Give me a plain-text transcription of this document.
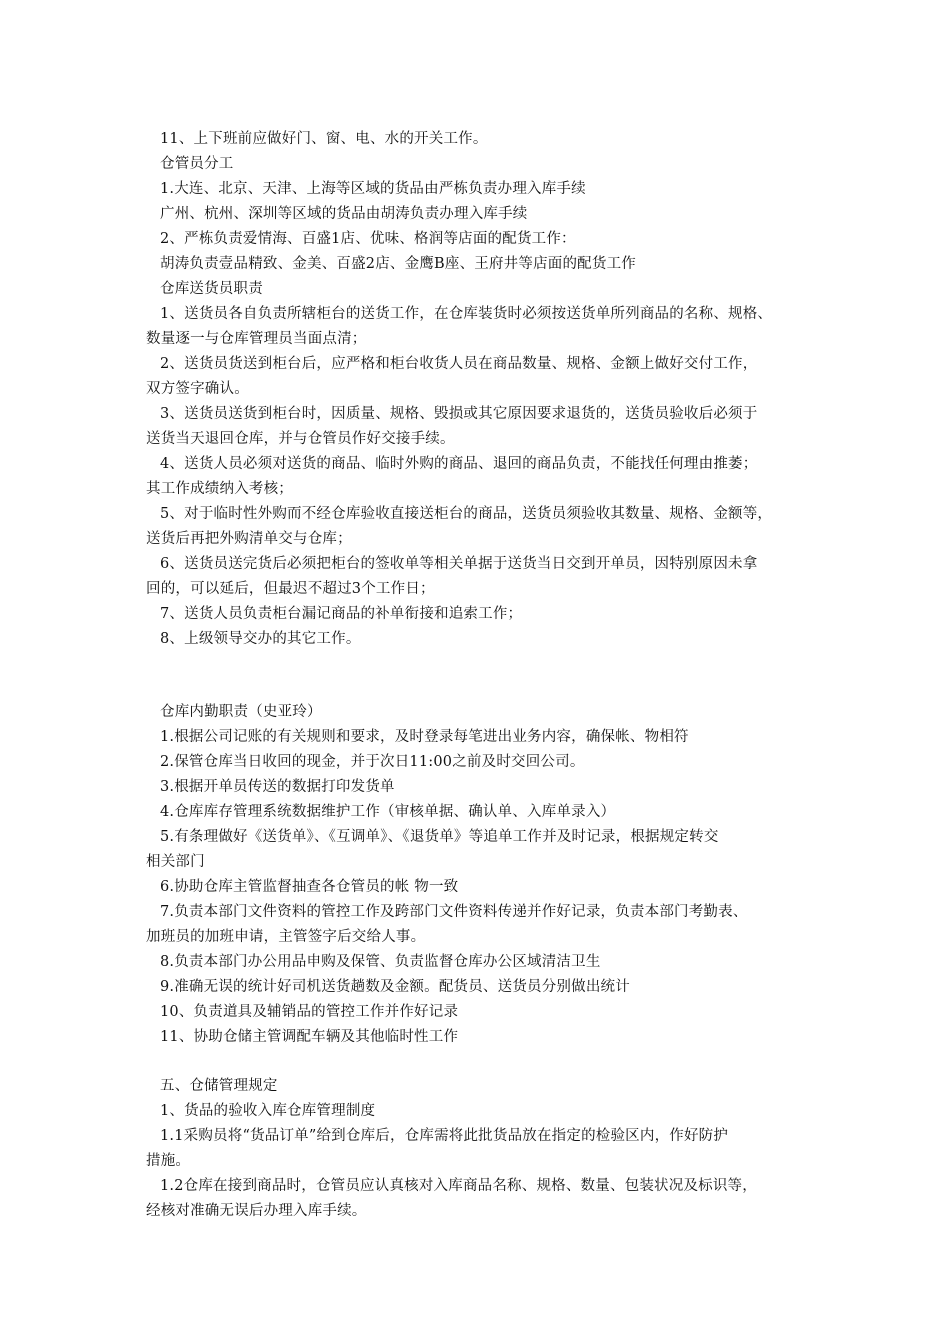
11、上下班前应做好门、窗、电、水的开关工作。
仓管员分工
1.大连、北京、天津、上海等区域的货品由严栋负责办理入库手续
广州、杭州、深圳等区域的货品由胡涛负责办理入库手续
2、严栋负责爱情海、百盛1店、优味、格润等店面的配货工作：
胡涛负责壹品精致、金美、百盛2店、金鹰B座、王府井等店面的配货工作
仓库送货员职责
1、送货员各自负责所辖柜台的送货工作，在仓库装货时必须按送货单所列商品的名称、规格、
数量逐一与仓库管理员当面点清；
2、送货员货送到柜台后，应严格和柜台收货人员在商品数量、规格、金额上做好交付工作，
双方签字确认。
3、送货员送货到柜台时，因质量、规格、毁损或其它原因要求退货的，送货员验收后必须于
送货当天退回仓库，并与仓管员作好交接手续。
4、送货人员必须对送货的商品、临时外购的商品、退回的商品负责，不能找任何理由推萎；
其工作成绩纳入考核；
5、对于临时性外购而不经仓库验收直接送柜台的商品，送货员须验收其数量、规格、金额等，
送货后再把外购清单交与仓库；
6、送货员送完货后必须把柜台的签收单等相关单据于送货当日交到开单员，因特别原因未拿
回的，可以延后，但最迟不超过3个工作日；
7、送货人员负责柜台漏记商品的补单衔接和追索工作；
8、上级领导交办的其它工作。
仓库内勤职责（史亚玲）
1.根据公司记账的有关规则和要求，及时登录每笔进出业务内容，确保帐、物相符
2.保管仓库当日收回的现金，并于次日11:00之前及时交回公司。
3.根据开单员传送的数据打印发货单
4.仓库库存管理系统数据维护工作（审核单据、确认单、入库单录入）
5.有条理做好《送货单》、《互调单》、《退货单》等追单工作并及时记录，根据规定转交
相关部门
6.协助仓库主管监督抽查各仓管员的帐 物一致
7.负责本部门文件资料的管控工作及跨部门文件资料传递并作好记录，负责本部门考勤表、
加班员的加班申请，主管签字后交给人事。
8.负责本部门办公用品申购及保管、负责监督仓库办公区域清洁卫生
9.准确无误的统计好司机送货趟数及金额。配货员、送货员分别做出统计
10、负责道具及辅销品的管控工作并作好记录
11、协助仓储主管调配车辆及其他临时性工作
五、仓储管理规定
1、货品的验收入库仓库管理制度
1.1采购员将“货品订单”给到仓库后，仓库需将此批货品放在指定的检验区内，作好防护
措施。
1.2仓库在接到商品时，仓管员应认真核对入库商品名称、规格、数量、包装状况及标识等，
经核对准确无误后办理入库手续。
